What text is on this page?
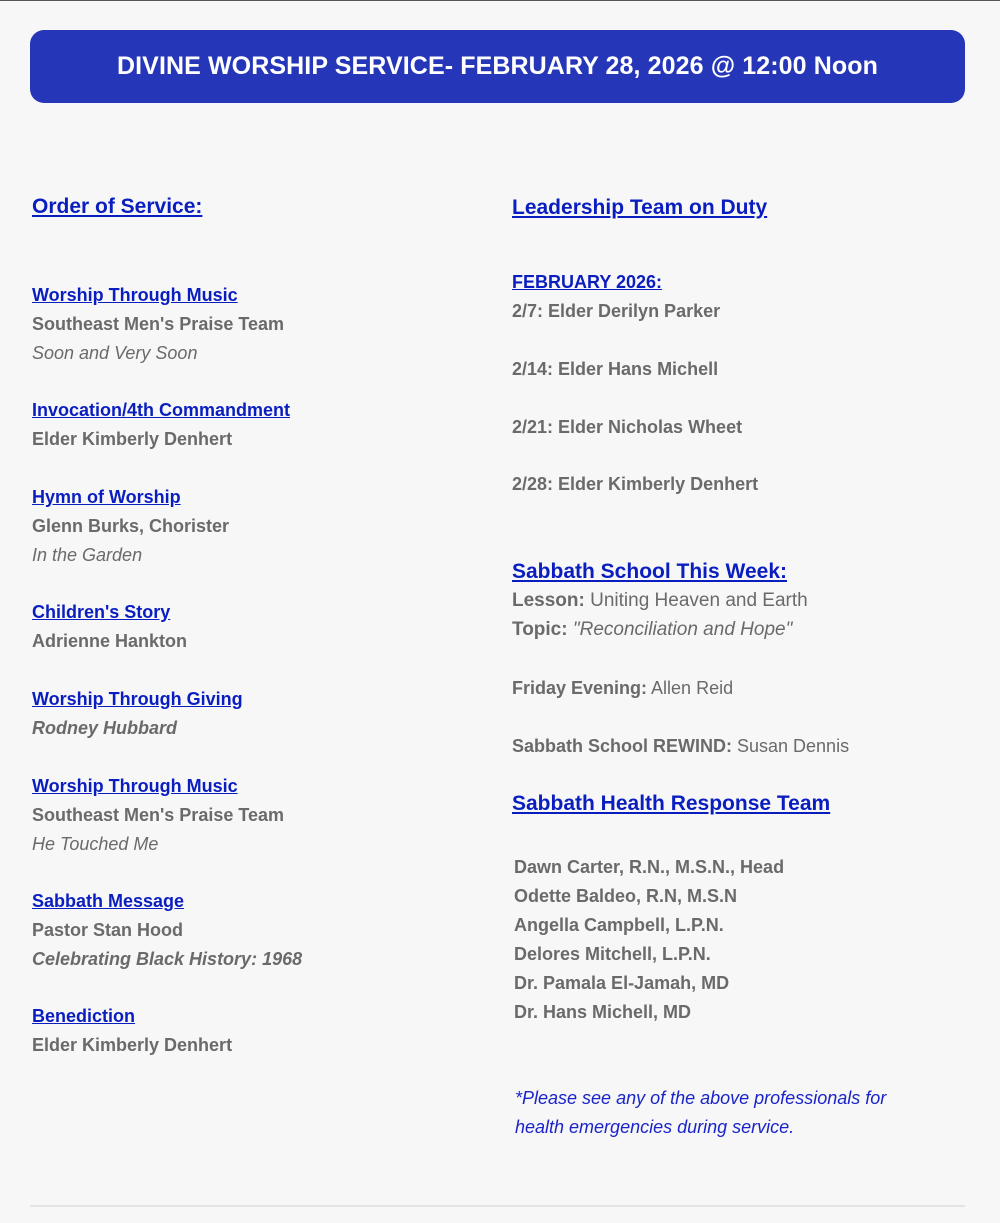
DIVINE WORSHIP SERVICE- FEBRUARY 28, 2026 @ 12:00 Noon
Order of Service:
Worship Through Music
Southeast Men's Praise Team
Soon and Very Soon
Invocation/4th Commandment
Elder Kimberly Denhert
Hymn of Worship
Glenn Burks, Chorister
In the Garden
Children's Story
Adrienne Hankton
Worship Through Giving
Rodney Hubbard
Worship Through Music
Southeast Men's Praise Team
He Touched Me
Sabbath Message
Pastor Stan Hood
Celebrating Black History: 1968
Benediction
Elder Kimberly Denhert
Leadership Team on Duty
FEBRUARY 2026:
2/7: Elder Derilyn Parker
2/14: Elder Hans Michell
2/21: Elder Nicholas Wheet
2/28: Elder Kimberly Denhert
Sabbath School This Week:
Lesson: Uniting Heaven and Earth
Topic: "Reconciliation and Hope"
Friday Evening: Allen Reid
Sabbath School REWIND: Susan Dennis
Sabbath Health Response Team
Dawn Carter, R.N., M.S.N., Head
Odette Baldeo, R.N, M.S.N
Angella Campbell, L.P.N.
Delores Mitchell, L.P.N.
Dr. Pamala El-Jamah, MD
Dr. Hans Michell, MD
*Please see any of the above professionals for
health emergencies during service.
